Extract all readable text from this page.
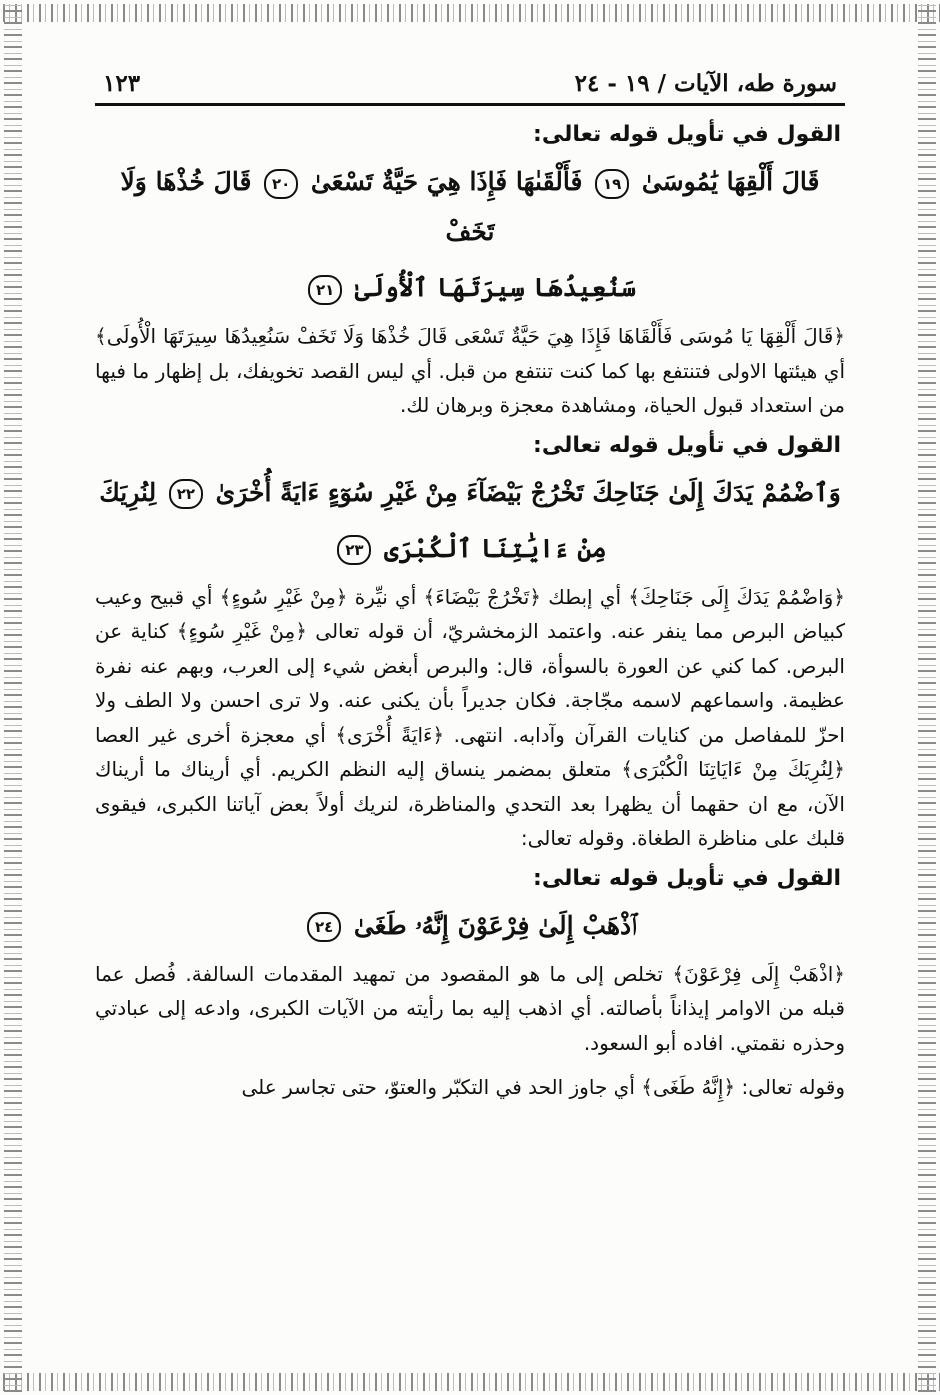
سورة طه، الآيات / ١٩ - ٢٤
١٢٣
القول في تأويل قوله تعالى:
قَالَ أَلْقِهَا يَٰمُوسَىٰ ١٩ فَأَلْقَىٰهَا فَإِذَا هِيَ حَيَّةٌ تَسْعَىٰ ٢٠ قَالَ خُذْهَا وَلَا تَخَفْ
سَنُعِيدُهَا سِيرَتَهَا ٱلْأُولَىٰ ٢١

﴿قَالَ أَلْقِهَا يَا مُوسَى فَأَلْقَاهَا فَإِذَا هِيَ حَيَّةٌ تَسْعَى قَالَ خُذْهَا وَلَا تَخَفْ سَنُعِيدُهَا سِيرَتَهَا الْأُولَى﴾ أي هيئتها الاولى فتنتفع بها كما كنت تنتفع من قبل. أي ليس القصد تخويفك، بل إظهار ما فيها من استعداد قبول الحياة، ومشاهدة معجزة وبرهان لك.

القول في تأويل قوله تعالى:
وَٱضْمُمْ يَدَكَ إِلَىٰ جَنَاحِكَ تَخْرُجْ بَيْضَآءَ مِنْ غَيْرِ سُوٓءٍ ءَايَةً أُخْرَىٰ ٢٢ لِنُرِيَكَ
مِنْ ءَايَٰتِنَا ٱلْكُبْرَى ٢٣

﴿وَاضْمُمْ يَدَكَ إِلَى جَنَاحِكَ﴾ أي إبطك ﴿تَخْرُجْ بَيْضَاءَ﴾ أي نيِّرة ﴿مِنْ غَيْرِ سُوءٍ﴾ أي قبيح وعيب كبياض البرص مما ينفر عنه. واعتمد الزمخشريّ، أن قوله تعالى ﴿مِنْ غَيْرِ سُوءٍ﴾ كناية عن البرص. كما كني عن العورة بالسوأة، قال: والبرص أبغض شيء إلى العرب، وبهم عنه نفرة عظيمة. واسماعهم لاسمه مجّاجة. فكان جديراً بأن يكنى عنه. ولا ترى احسن ولا الطف ولا احزّ للمفاصل من كنايات القرآن وآدابه. انتهى. ﴿ءَايَةً أُخْرَى﴾ أي معجزة أخرى غير العصا ﴿لِنُرِيَكَ مِنْ ءَايَاتِنَا الْكُبْرَى﴾ متعلق بمضمر ينساق إليه النظم الكريم. أي أريناك ما أريناك الآن، مع ان حقهما أن يظهرا بعد التحدي والمناظرة، لنريك أولاً بعض آياتنا الكبرى، فيقوى قلبك على مناظرة الطغاة. وقوله تعالى:

القول في تأويل قوله تعالى:
ٱذْهَبْ إِلَىٰ فِرْعَوْنَ إِنَّهُۥ طَغَىٰ ٢٤

﴿اذْهَبْ إِلَى فِرْعَوْنَ﴾ تخلص إلى ما هو المقصود من تمهيد المقدمات السالفة. فُصل عما قبله من الاوامر إيذاناً بأصالته. أي اذهب إليه بما رأيته من الآيات الكبرى، وادعه إلى عبادتي وحذره نقمتي. افاده أبو السعود.

وقوله تعالى: ﴿إِنَّهُ طَغَى﴾ أي جاوز الحد في التكبّر والعتوّ، حتى تجاسر على
